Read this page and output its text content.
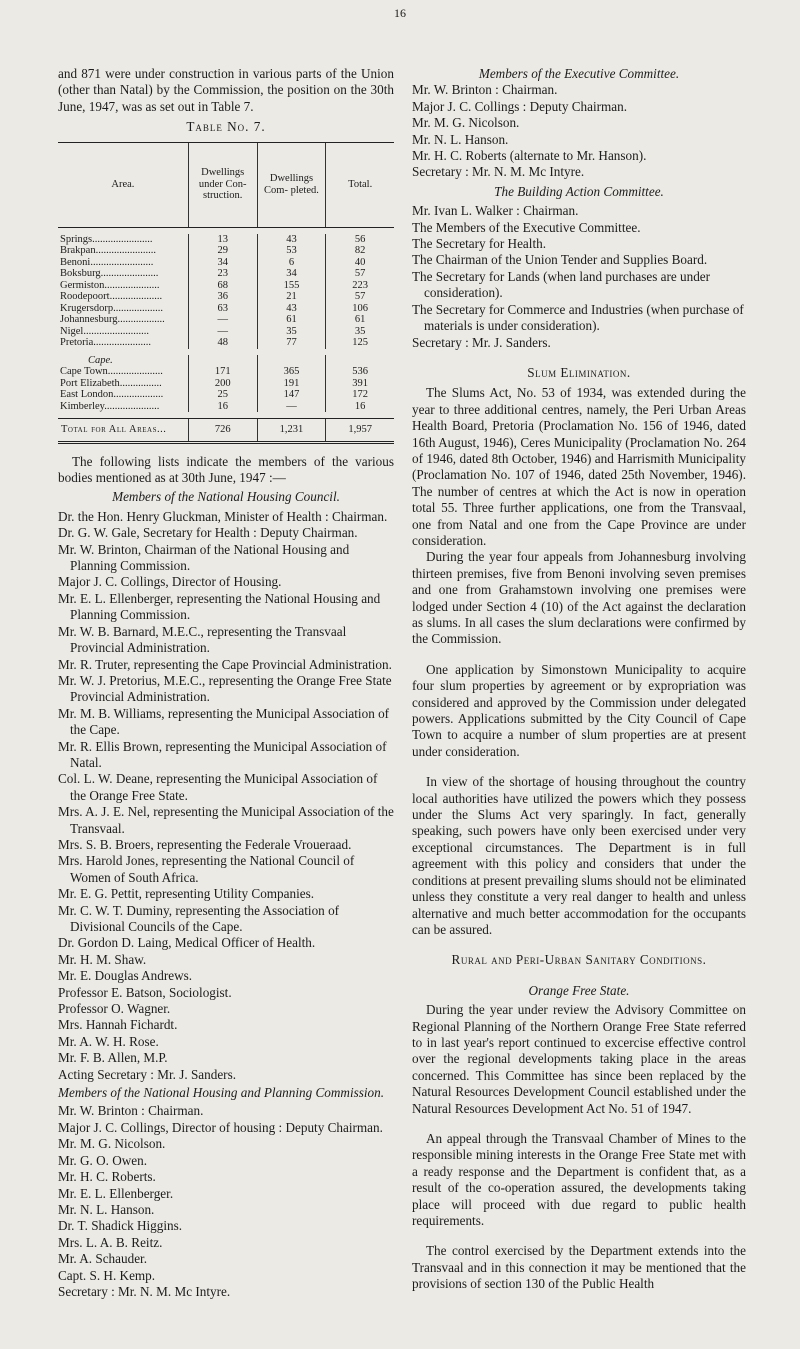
16

and 871 were under construction in various parts of the Union (other than Natal) by the Commission, the position on the 30th June, 1947, was as set out in Table 7.

Table No. 7.
Area.	Dwellings under Con- struction.	Dwellings Com- pleted.	Total.

Springs.......................	13	43	56
Brakpan.......................	29	53	82
Benoni........................	34	6	40
Boksburg......................	23	34	57
Germiston.....................	68	155	223
Roodepoort....................	36	21	57
Krugersdorp...................	63	43	106
Johannesburg..................	—	61	61
Nigel.........................	—	35	35
Pretoria......................	48	77	125

Cape.			
Cape Town.....................	171	365	536
Port Elizabeth................	200	191	391
East London...................	25	147	172
Kimberley.....................	16	—	16

Total for All Areas...	726	1,231	1,957

The following lists indicate the members of the various bodies mentioned as at 30th June, 1947 :—

Members of the National Housing Council.

Dr. the Hon. Henry Gluckman, Minister of Health : Chairman.

Dr. G. W. Gale, Secretary for Health : Deputy Chairman.

Mr. W. Brinton, Chairman of the National Housing and Planning Commission.

Major J. C. Collings, Director of Housing.

Mr. E. L. Ellenberger, representing the National Housing and Planning Commission.

Mr. W. B. Barnard, M.E.C., representing the Transvaal Provincial Administration.

Mr. R. Truter, representing the Cape Provincial Administration.

Mr. W. J. Pretorius, M.E.C., representing the Orange Free State Provincial Administration.

Mr. M. B. Williams, representing the Municipal Association of the Cape.

Mr. R. Ellis Brown, representing the Municipal Association of Natal.

Col. L. W. Deane, representing the Municipal Association of the Orange Free State.

Mrs. A. J. E. Nel, representing the Municipal Association of the Transvaal.

Mrs. S. B. Broers, representing the Federale Vroueraad.

Mrs. Harold Jones, representing the National Council of Women of South Africa.

Mr. E. G. Pettit, representing Utility Companies.

Mr. C. W. T. Duminy, representing the Association of Divisional Councils of the Cape.

Dr. Gordon D. Laing, Medical Officer of Health.

Mr. H. M. Shaw.

Mr. E. Douglas Andrews.

Professor E. Batson, Sociologist.

Professor O. Wagner.

Mrs. Hannah Fichardt.

Mr. A. W. H. Rose.

Mr. F. B. Allen, M.P.

Acting Secretary : Mr. J. Sanders.

Members of the National Housing and Planning Commission.

Mr. W. Brinton : Chairman.

Major J. C. Collings, Director of housing : Deputy Chairman.

Mr. M. G. Nicolson.

Mr. G. O. Owen.

Mr. H. C. Roberts.

Mr. E. L. Ellenberger.

Mr. N. L. Hanson.

Dr. T. Shadick Higgins.

Mrs. L. A. B. Reitz.

Mr. A. Schauder.

Capt. S. H. Kemp.

Secretary : Mr. N. M. Mc Intyre.

Members of the Executive Committee.

Mr. W. Brinton : Chairman.

Major J. C. Collings : Deputy Chairman.

Mr. M. G. Nicolson.

Mr. N. L. Hanson.

Mr. H. C. Roberts (alternate to Mr. Hanson).

Secretary : Mr. N. M. Mc Intyre.

The Building Action Committee.

Mr. Ivan L. Walker : Chairman.

The Members of the Executive Committee.

The Secretary for Health.

The Chairman of the Union Tender and Supplies Board.

The Secretary for Lands (when land purchases are under consideration).

The Secretary for Commerce and Industries (when purchase of materials is under consideration).

Secretary : Mr. J. Sanders.

Slum Elimination.

The Slums Act, No. 53 of 1934, was extended during the year to three additional centres, namely, the Peri Urban Areas Health Board, Pretoria (Proclamation No. 156 of 1946, dated 16th August, 1946), Ceres Municipality (Proclamation No. 264 of 1946, dated 8th October, 1946) and Harrismith Municipality (Proclamation No. 107 of 1946, dated 25th November, 1946). The number of centres at which the Act is now in operation total 55. Three further applications, one from the Transvaal, one from Natal and one from the Cape Province are under consideration.

During the year four appeals from Johannesburg involving thirteen premises, five from Benoni involving seven premises and one from Grahamstown involving one premises were lodged under Section 4 (10) of the Act against the declaration as slums. In all cases the slum declarations were confirmed by the Commission.

One application by Simonstown Municipality to acquire four slum properties by agreement or by expropriation was considered and approved by the Commission under delegated powers. Applications submitted by the City Council of Cape Town to acquire a number of slum properties are at present under consideration.

In view of the shortage of housing throughout the country local authorities have utilized the powers which they possess under the Slums Act very sparingly. In fact, generally speaking, such powers have only been exercised under very exceptional circumstances. The Department is in full agreement with this policy and considers that under the conditions at present prevailing slums should not be eliminated unless they constitute a very real danger to health and unless alternative and much better accommodation for the occupants can be assured.

Rural and Peri-Urban Sanitary Conditions.

Orange Free State.

During the year under review the Advisory Committee on Regional Planning of the Northern Orange Free State referred to in last year's report continued to excercise effective control over the regional developments taking place in the areas concerned. This Committee has since been replaced by the Natural Resources Development Council established under the Natural Resources Development Act No. 51 of 1947.

An appeal through the Transvaal Chamber of Mines to the responsible mining interests in the Orange Free State met with a ready response and the Department is confident that, as a result of the co-operation assured, the developments taking place will proceed with due regard to public health requirements.

The control exercised by the Department extends into the Transvaal and in this connection it may be mentioned that the provisions of section 130 of the Public Health
